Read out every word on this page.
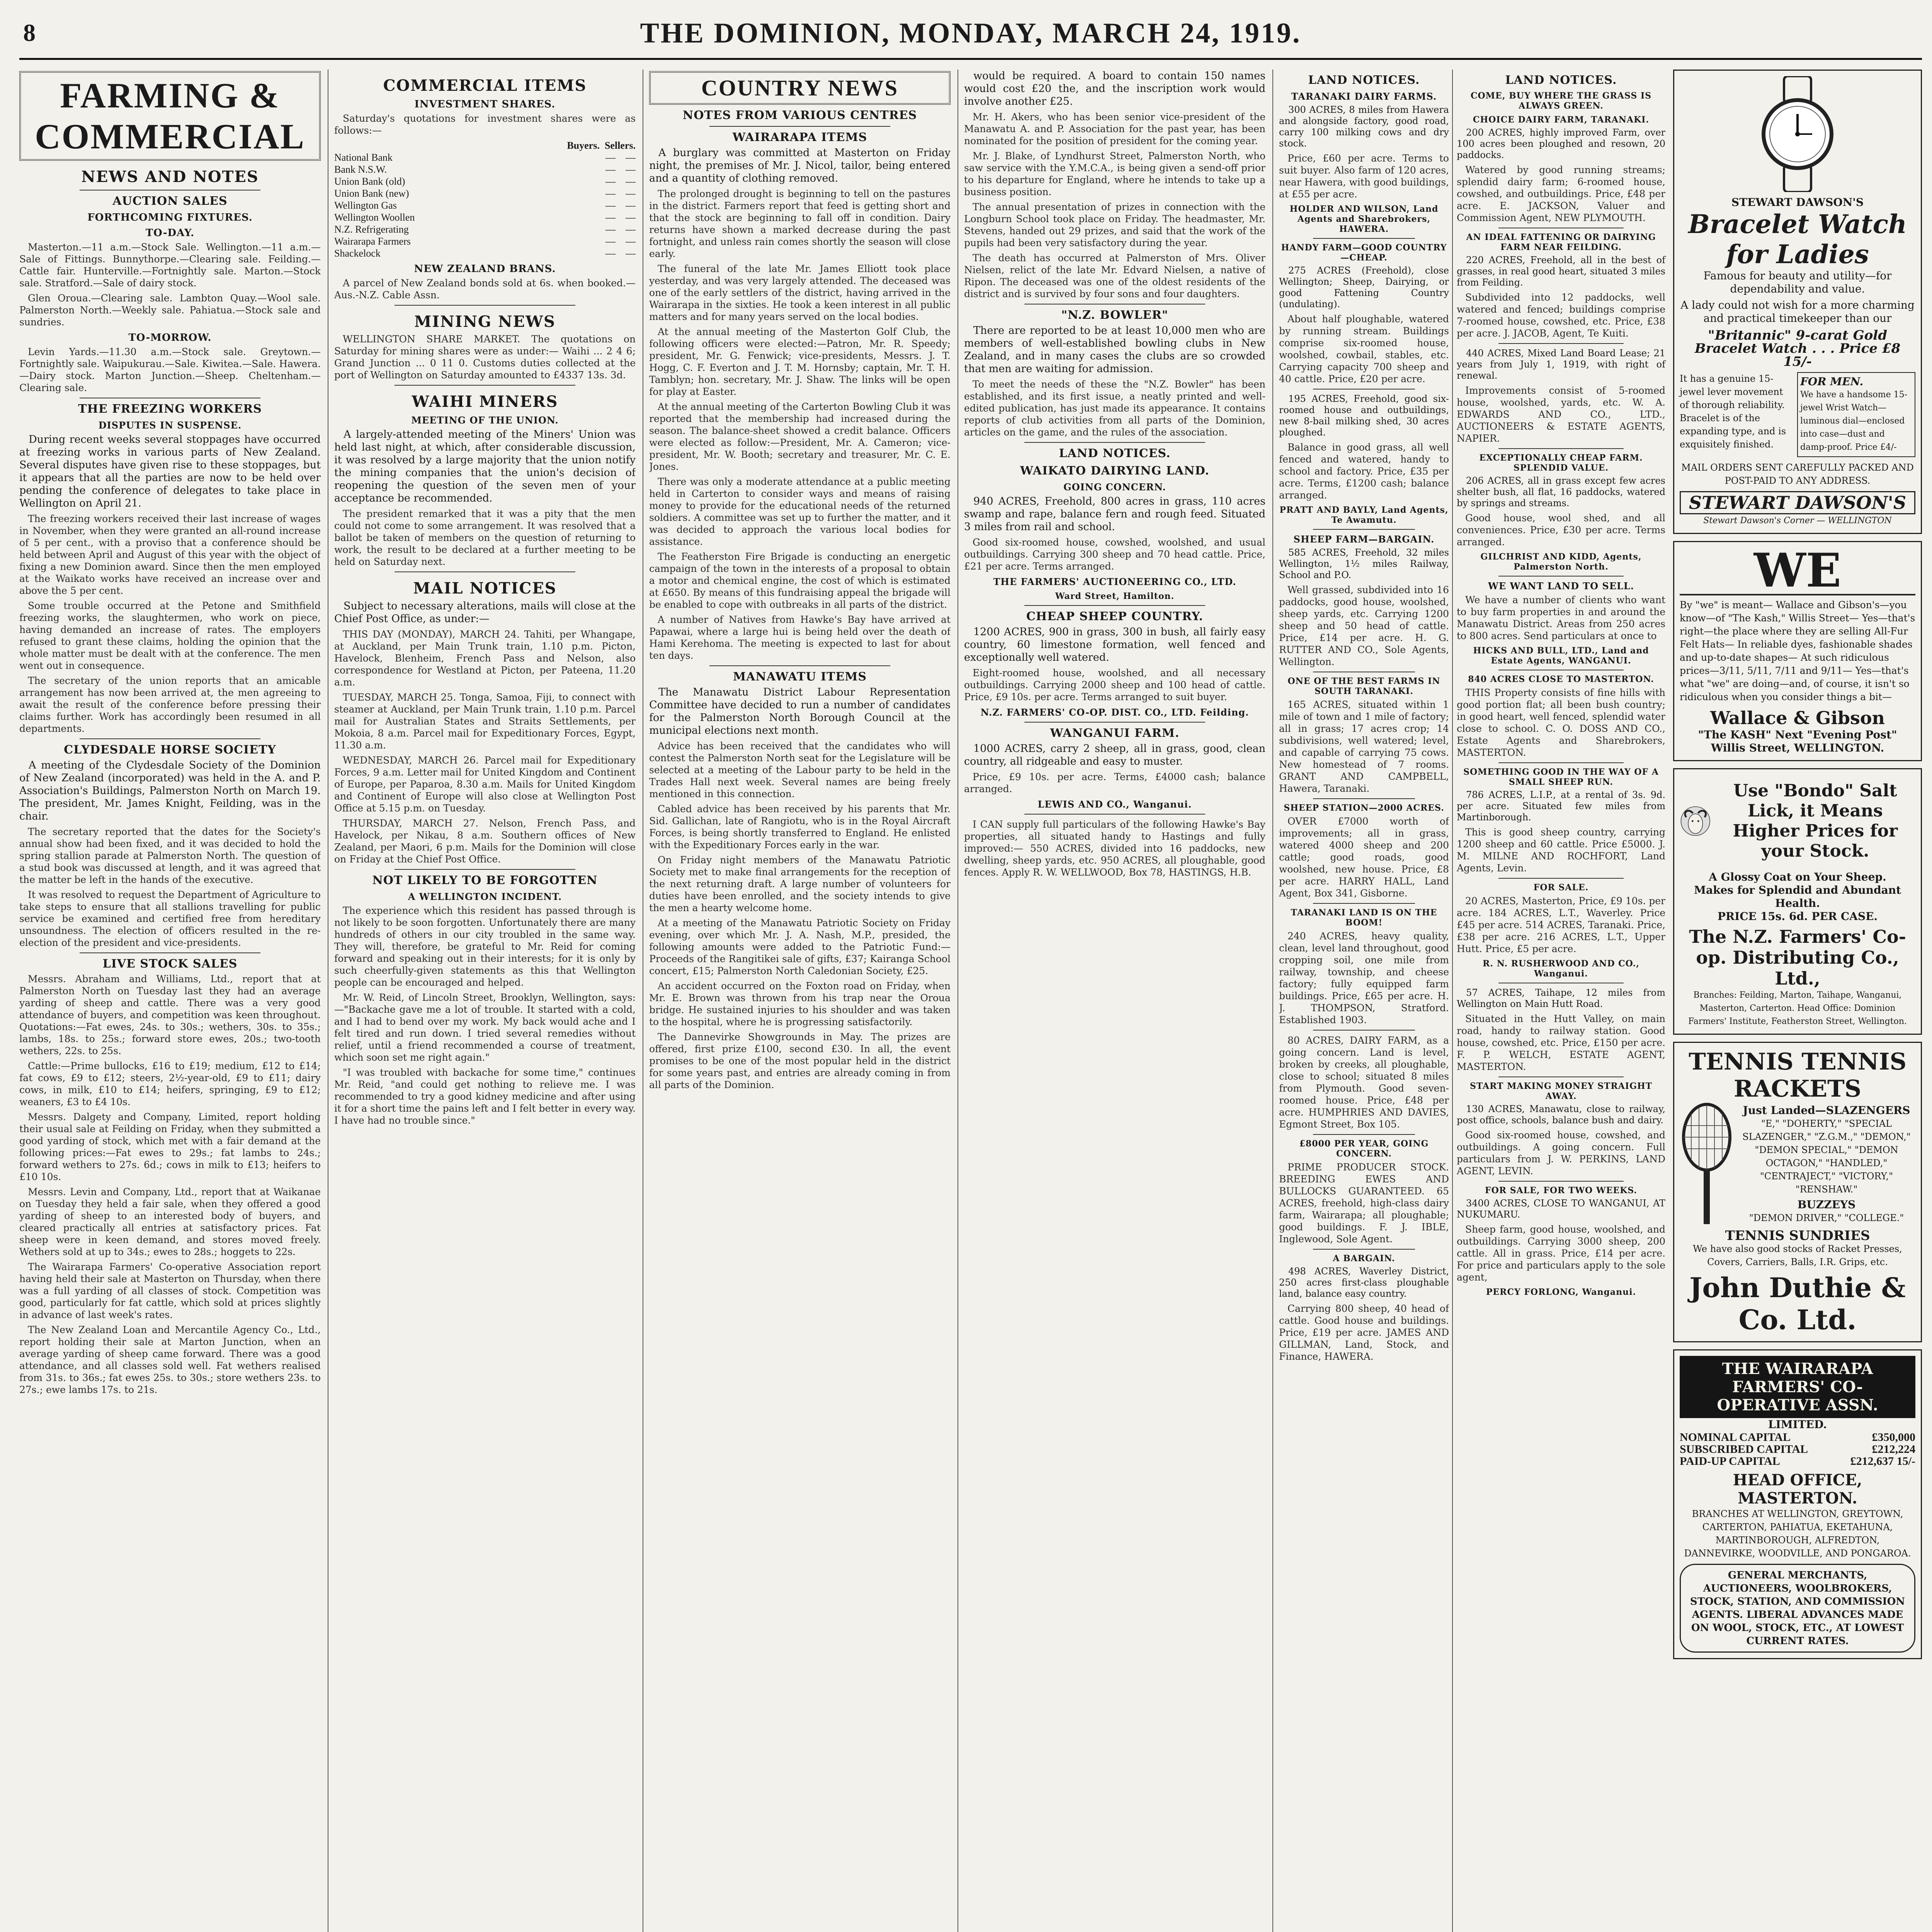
8	THE DOMINION, MONDAY, MARCH 24, 1919.
FARMING & COMMERCIAL
NEWS AND NOTES
AUCTION SALES
FORTHCOMING FIXTURES.
TO-DAY.
Masterton.—11 a.m.—Stock Sale. Wellington.—11 a.m.—Sale of Fittings. Bunnythorpe.—Clearing sale. Feilding.—Cattle fair. Hunterville.—Fortnightly sale. Marton.—Stock sale. Stratford.—Sale of dairy stock.
Glen Oroua.—Clearing sale. Lambton Quay.—Wool sale. Palmerston North.—Weekly sale. Pahiatua.—Stock sale and sundries.
TO-MORROW.
Levin Yards.—11.30 a.m.—Stock sale. Greytown.—Fortnightly sale. Waipukurau.—Sale. Kiwitea.—Sale. Hawera.—Dairy stock. Marton Junction.—Sheep. Cheltenham.—Clearing sale.
THE FREEZING WORKERS
DISPUTES IN SUSPENSE.
During recent weeks several stoppages have occurred at freezing works in various parts of New Zealand. Several disputes have given rise to these stoppages, but it appears that all the parties are now to be held over pending the conference of delegates to take place in Wellington on April 21.
The freezing workers received their last increase of wages in November, when they were granted an all-round increase of 5 per cent., with a proviso that a conference should be held between April and August of this year with the object of fixing a new Dominion award. Since then the men employed at the Waikato works have received an increase over and above the 5 per cent.
Some trouble occurred at the Petone and Smithfield freezing works, the slaughtermen, who work on piece, having demanded an increase of rates. The employers refused to grant these claims, holding the opinion that the whole matter must be dealt with at the conference. The men went out in consequence.
The secretary of the union reports that an amicable arrangement has now been arrived at, the men agreeing to await the result of the conference before pressing their claims further. Work has accordingly been resumed in all departments.
CLYDESDALE HORSE SOCIETY
A meeting of the Clydesdale Society of the Dominion of New Zealand (incorporated) was held in the A. and P. Association's Buildings, Palmerston North on March 19. The president, Mr. James Knight, Feilding, was in the chair.
The secretary reported that the dates for the Society's annual show had been fixed, and it was decided to hold the spring stallion parade at Palmerston North. The question of a stud book was discussed at length, and it was agreed that the matter be left in the hands of the executive.
It was resolved to request the Department of Agriculture to take steps to ensure that all stallions travelling for public service be examined and certified free from hereditary unsoundness. The election of officers resulted in the re-election of the president and vice-presidents.
LIVE STOCK SALES
Messrs. Abraham and Williams, Ltd., report that at Palmerston North on Tuesday last they had an average yarding of sheep and cattle. There was a very good attendance of buyers, and competition was keen throughout. Quotations:—Fat ewes, 24s. to 30s.; wethers, 30s. to 35s.; lambs, 18s. to 25s.; forward store ewes, 20s.; two-tooth wethers, 22s. to 25s.
Cattle:—Prime bullocks, £16 to £19; medium, £12 to £14; fat cows, £9 to £12; steers, 2½-year-old, £9 to £11; dairy cows, in milk, £10 to £14; heifers, springing, £9 to £12; weaners, £3 to £4 10s.
Messrs. Dalgety and Company, Limited, report holding their usual sale at Feilding on Friday, when they submitted a good yarding of stock, which met with a fair demand at the following prices:—Fat ewes to 29s.; fat lambs to 24s.; forward wethers to 27s. 6d.; cows in milk to £13; heifers to £10 10s.
Messrs. Levin and Company, Ltd., report that at Waikanae on Tuesday they held a fair sale, when they offered a good yarding of sheep to an interested body of buyers, and cleared practically all entries at satisfactory prices. Fat sheep were in keen demand, and stores moved freely. Wethers sold at up to 34s.; ewes to 28s.; hoggets to 22s.
The Wairarapa Farmers' Co-operative Association report having held their sale at Masterton on Thursday, when there was a full yarding of all classes of stock. Competition was good, particularly for fat cattle, which sold at prices slightly in advance of last week's rates.
The New Zealand Loan and Mercantile Agency Co., Ltd., report holding their sale at Marton Junction, when an average yarding of sheep came forward. There was a good attendance, and all classes sold well. Fat wethers realised from 31s. to 36s.; fat ewes 25s. to 30s.; store wethers 23s. to 27s.; ewe lambs 17s. to 21s.
COMMERCIAL ITEMS
INVESTMENT SHARES.
Saturday's quotations for investment shares were as follows:—
Buyers. Sellers.
National Bank	— —
Bank N.S.W.	— —
Union Bank (old)	— —
Union Bank (new)	— —
Wellington Gas	— —
Wellington Woollen	— —
N.Z. Refrigerating	— —
Wairarapa Farmers	— —
Shackelock	— —
NEW ZEALAND BRANS.
A parcel of New Zealand bonds sold at 6s. when booked.—Aus.-N.Z. Cable Assn.
MINING NEWS
WELLINGTON SHARE MARKET. The quotations on Saturday for mining shares were as under:— Waihi ... 2 4 6; Grand Junction ... 0 11 0. Customs duties collected at the port of Wellington on Saturday amounted to £4337 13s. 3d.
WAIHI MINERS
MEETING OF THE UNION.
A largely-attended meeting of the Miners' Union was held last night, at which, after considerable discussion, it was resolved by a large majority that the union notify the mining companies that the union's decision of reopening the question of the seven men of your acceptance be recommended.
The president remarked that it was a pity that the men could not come to some arrangement. It was resolved that a ballot be taken of members on the question of returning to work, the result to be declared at a further meeting to be held on Saturday next.
MAIL NOTICES
Subject to necessary alterations, mails will close at the Chief Post Office, as under:—
THIS DAY (MONDAY), MARCH 24. Tahiti, per Whangape, at Auckland, per Main Trunk train, 1.10 p.m. Picton, Havelock, Blenheim, French Pass and Nelson, also correspondence for Westland at Picton, per Pateena, 11.20 a.m.
TUESDAY, MARCH 25. Tonga, Samoa, Fiji, to connect with steamer at Auckland, per Main Trunk train, 1.10 p.m. Parcel mail for Australian States and Straits Settlements, per Mokoia, 8 a.m. Parcel mail for Expeditionary Forces, Egypt, 11.30 a.m.
WEDNESDAY, MARCH 26. Parcel mail for Expeditionary Forces, 9 a.m. Letter mail for United Kingdom and Continent of Europe, per Paparoa, 8.30 a.m. Mails for United Kingdom and Continent of Europe will also close at Wellington Post Office at 5.15 p.m. on Tuesday.
THURSDAY, MARCH 27. Nelson, French Pass, and Havelock, per Nikau, 8 a.m. Southern offices of New Zealand, per Maori, 6 p.m. Mails for the Dominion will close on Friday at the Chief Post Office.
NOT LIKELY TO BE FORGOTTEN
A WELLINGTON INCIDENT.
The experience which this resident has passed through is not likely to be soon forgotten. Unfortunately there are many hundreds of others in our city troubled in the same way. They will, therefore, be grateful to Mr. Reid for coming forward and speaking out in their interests; for it is only by such cheerfully-given statements as this that Wellington people can be encouraged and helped.
Mr. W. Reid, of Lincoln Street, Brooklyn, Wellington, says:—"Backache gave me a lot of trouble. It started with a cold, and I had to bend over my work. My back would ache and I felt tired and run down. I tried several remedies without relief, until a friend recommended a course of treatment, which soon set me right again."
"I was troubled with backache for some time," continues Mr. Reid, "and could get nothing to relieve me. I was recommended to try a good kidney medicine and after using it for a short time the pains left and I felt better in every way. I have had no trouble since."
COUNTRY NEWS
NOTES FROM VARIOUS CENTRES
WAIRARAPA ITEMS
A burglary was committed at Masterton on Friday night, the premises of Mr. J. Nicol, tailor, being entered and a quantity of clothing removed.
The prolonged drought is beginning to tell on the pastures in the district. Farmers report that feed is getting short and that the stock are beginning to fall off in condition. Dairy returns have shown a marked decrease during the past fortnight, and unless rain comes shortly the season will close early.
The funeral of the late Mr. James Elliott took place yesterday, and was very largely attended. The deceased was one of the early settlers of the district, having arrived in the Wairarapa in the sixties. He took a keen interest in all public matters and for many years served on the local bodies.
At the annual meeting of the Masterton Golf Club, the following officers were elected:—Patron, Mr. R. Speedy; president, Mr. G. Fenwick; vice-presidents, Messrs. J. T. Hogg, C. F. Everton and J. T. M. Hornsby; captain, Mr. T. H. Tamblyn; hon. secretary, Mr. J. Shaw. The links will be open for play at Easter.
At the annual meeting of the Carterton Bowling Club it was reported that the membership had increased during the season. The balance-sheet showed a credit balance. Officers were elected as follow:—President, Mr. A. Cameron; vice-president, Mr. W. Booth; secretary and treasurer, Mr. C. E. Jones.
There was only a moderate attendance at a public meeting held in Carterton to consider ways and means of raising money to provide for the educational needs of the returned soldiers. A committee was set up to further the matter, and it was decided to approach the various local bodies for assistance.
The Featherston Fire Brigade is conducting an energetic campaign of the town in the interests of a proposal to obtain a motor and chemical engine, the cost of which is estimated at £650. By means of this fundraising appeal the brigade will be enabled to cope with outbreaks in all parts of the district.
A number of Natives from Hawke's Bay have arrived at Papawai, where a large hui is being held over the death of Hami Kerehoma. The meeting is expected to last for about ten days.
MANAWATU ITEMS
The Manawatu District Labour Representation Committee have decided to run a number of candidates for the Palmerston North Borough Council at the municipal elections next month.
Advice has been received that the candidates who will contest the Palmerston North seat for the Legislature will be selected at a meeting of the Labour party to be held in the Trades Hall next week. Several names are being freely mentioned in this connection.
Cabled advice has been received by his parents that Mr. Sid. Gallichan, late of Rangiotu, who is in the Royal Aircraft Forces, is being shortly transferred to England. He enlisted with the Expeditionary Forces early in the war.
On Friday night members of the Manawatu Patriotic Society met to make final arrangements for the reception of the next returning draft. A large number of volunteers for duties have been enrolled, and the society intends to give the men a hearty welcome home.
At a meeting of the Manawatu Patriotic Society on Friday evening, over which Mr. J. A. Nash, M.P., presided, the following amounts were added to the Patriotic Fund:—Proceeds of the Rangitikei sale of gifts, £37; Kairanga School concert, £15; Palmerston North Caledonian Society, £25.
An accident occurred on the Foxton road on Friday, when Mr. E. Brown was thrown from his trap near the Oroua bridge. He sustained injuries to his shoulder and was taken to the hospital, where he is progressing satisfactorily.
The Dannevirke Showgrounds in May. The prizes are offered, first prize £100, second £30. In all, the event promises to be one of the most popular held in the district for some years past, and entries are already coming in from all parts of the Dominion.
would be required. A board to contain 150 names would cost £20 the, and the inscription work would involve another £25.
Mr. H. Akers, who has been senior vice-president of the Manawatu A. and P. Association for the past year, has been nominated for the position of president for the coming year.
Mr. J. Blake, of Lyndhurst Street, Palmerston North, who saw service with the Y.M.C.A., is being given a send-off prior to his departure for England, where he intends to take up a business position.
The annual presentation of prizes in connection with the Longburn School took place on Friday. The headmaster, Mr. Stevens, handed out 29 prizes, and said that the work of the pupils had been very satisfactory during the year.
The death has occurred at Palmerston of Mrs. Oliver Nielsen, relict of the late Mr. Edvard Nielsen, a native of Ripon. The deceased was one of the oldest residents of the district and is survived by four sons and four daughters.
"N.Z. BOWLER"
There are reported to be at least 10,000 men who are members of well-established bowling clubs in New Zealand, and in many cases the clubs are so crowded that men are waiting for admission.
To meet the needs of these the "N.Z. Bowler" has been established, and its first issue, a neatly printed and well-edited publication, has just made its appearance. It contains reports of club activities from all parts of the Dominion, articles on the game, and the rules of the association.
LAND NOTICES.
WAIKATO DAIRYING LAND.
GOING CONCERN.
940 ACRES, Freehold, 800 acres in grass, 110 acres swamp and rape, balance fern and rough feed. Situated 3 miles from rail and school.
Good six-roomed house, cowshed, woolshed, and usual outbuildings. Carrying 300 sheep and 70 head cattle. Price, £21 per acre. Terms arranged.
THE FARMERS' AUCTIONEERING CO., LTD.
Ward Street, Hamilton.
CHEAP SHEEP COUNTRY.
1200 ACRES, 900 in grass, 300 in bush, all fairly easy country, 60 limestone formation, well fenced and exceptionally well watered.
Eight-roomed house, woolshed, and all necessary outbuildings. Carrying 2000 sheep and 100 head of cattle. Price, £9 10s. per acre. Terms arranged to suit buyer.
N.Z. FARMERS' CO-OP. DIST. CO., LTD. Feilding.
WANGANUI FARM.
1000 ACRES, carry 2 sheep, all in grass, good, clean country, all ridgeable and easy to muster.
Price, £9 10s. per acre. Terms, £4000 cash; balance arranged.
LEWIS AND CO., Wanganui.
I CAN supply full particulars of the following Hawke's Bay properties, all situated handy to Hastings and fully improved:— 550 ACRES, divided into 16 paddocks, new dwelling, sheep yards, etc. 950 ACRES, all ploughable, good fences. Apply R. W. WELLWOOD, Box 78, HASTINGS, H.B.
LAND NOTICES.
TARANAKI DAIRY FARMS.
300 ACRES, 8 miles from Hawera and alongside factory, good road, carry 100 milking cows and dry stock.
Price, £60 per acre. Terms to suit buyer. Also farm of 120 acres, near Hawera, with good buildings, at £55 per acre.
HOLDER AND WILSON, Land Agents and Sharebrokers, HAWERA.
HANDY FARM—GOOD COUNTRY—CHEAP.
275 ACRES (Freehold), close Wellington; Sheep, Dairying, or good Fattening Country (undulating).
About half ploughable, watered by running stream. Buildings comprise six-roomed house, woolshed, cowbail, stables, etc. Carrying capacity 700 sheep and 40 cattle. Price, £20 per acre.
195 ACRES, Freehold, good six-roomed house and outbuildings, new 8-bail milking shed, 30 acres ploughed.
Balance in good grass, all well fenced and watered, handy to school and factory. Price, £35 per acre. Terms, £1200 cash; balance arranged.
PRATT AND BAYLY, Land Agents, Te Awamutu.
SHEEP FARM—BARGAIN.
585 ACRES, Freehold, 32 miles Wellington, 1½ miles Railway, School and P.O.
Well grassed, subdivided into 16 paddocks, good house, woolshed, sheep yards, etc. Carrying 1200 sheep and 50 head of cattle. Price, £14 per acre. H. G. RUTTER AND CO., Sole Agents, Wellington.
ONE OF THE BEST FARMS IN SOUTH TARANAKI.
165 ACRES, situated within 1 mile of town and 1 mile of factory; all in grass; 17 acres crop; 14 subdivisions, well watered; level, and capable of carrying 75 cows. New homestead of 7 rooms. GRANT AND CAMPBELL, Hawera, Taranaki.
SHEEP STATION—2000 ACRES.
OVER £7000 worth of improvements; all in grass, watered 4000 sheep and 200 cattle; good roads, good woolshed, new house. Price, £8 per acre. HARRY HALL, Land Agent, Box 341, Gisborne.
TARANAKI LAND IS ON THE BOOM!
240 ACRES, heavy quality, clean, level land throughout, good cropping soil, one mile from railway, township, and cheese factory; fully equipped farm buildings. Price, £65 per acre. H. J. THOMPSON, Stratford. Established 1903.
80 ACRES, DAIRY FARM, as a going concern. Land is level, broken by creeks, all ploughable, close to school; situated 8 miles from Plymouth. Good seven-roomed house. Price, £48 per acre. HUMPHRIES AND DAVIES, Egmont Street, Box 105.
£8000 PER YEAR, GOING CONCERN.
PRIME PRODUCER STOCK. BREEDING EWES AND BULLOCKS GUARANTEED. 65 ACRES, freehold, high-class dairy farm, Wairarapa; all ploughable; good buildings. F. J. IBLE, Inglewood, Sole Agent.
A BARGAIN.
498 ACRES, Waverley District, 250 acres first-class ploughable land, balance easy country.
Carrying 800 sheep, 40 head of cattle. Good house and buildings. Price, £19 per acre. JAMES AND GILLMAN, Land, Stock, and Finance, HAWERA.
LAND NOTICES.
COME, BUY WHERE THE GRASS IS ALWAYS GREEN.
CHOICE DAIRY FARM, TARANAKI.
200 ACRES, highly improved Farm, over 100 acres been ploughed and resown, 20 paddocks.
Watered by good running streams; splendid dairy farm; 6-roomed house, cowshed, and outbuildings. Price, £48 per acre. E. JACKSON, Valuer and Commission Agent, NEW PLYMOUTH.
AN IDEAL FATTENING OR DAIRYING FARM NEAR FEILDING.
220 ACRES, Freehold, all in the best of grasses, in real good heart, situated 3 miles from Feilding.
Subdivided into 12 paddocks, well watered and fenced; buildings comprise 7-roomed house, cowshed, etc. Price, £38 per acre. J. JACOB, Agent, Te Kuiti.
440 ACRES, Mixed Land Board Lease; 21 years from July 1, 1919, with right of renewal.
Improvements consist of 5-roomed house, woolshed, yards, etc. W. A. EDWARDS AND CO., LTD., AUCTIONEERS & ESTATE AGENTS, NAPIER.
EXCEPTIONALLY CHEAP FARM. SPLENDID VALUE.
206 ACRES, all in grass except few acres shelter bush, all flat, 16 paddocks, watered by springs and streams.
Good house, wool shed, and all conveniences. Price, £30 per acre. Terms arranged.
GILCHRIST AND KIDD, Agents, Palmerston North.
WE WANT LAND TO SELL.
We have a number of clients who want to buy farm properties in and around the Manawatu District. Areas from 250 acres to 800 acres. Send particulars at once to
HICKS AND BULL, LTD., Land and Estate Agents, WANGANUI.
840 ACRES CLOSE TO MASTERTON.
THIS Property consists of fine hills with good portion flat; all been bush country; in good heart, well fenced, splendid water close to school. C. O. DOSS AND CO., Estate Agents and Sharebrokers, MASTERTON.
SOMETHING GOOD IN THE WAY OF A SMALL SHEEP RUN.
786 ACRES, L.I.P., at a rental of 3s. 9d. per acre. Situated few miles from Martinborough.
This is good sheep country, carrying 1200 sheep and 60 cattle. Price £5000. J. M. MILNE AND ROCHFORT, Land Agents, Levin.
FOR SALE.
20 ACRES, Masterton, Price, £9 10s. per acre. 184 ACRES, L.T., Waverley. Price £45 per acre. 514 ACRES, Taranaki. Price, £38 per acre. 216 ACRES, L.T., Upper Hutt. Price, £5 per acre.
R. N. RUSHERWOOD AND CO., Wanganui.
57 ACRES, Taihape, 12 miles from Wellington on Main Hutt Road.
Situated in the Hutt Valley, on main road, handy to railway station. Good house, cowshed, etc. Price, £150 per acre. F. P. WELCH, ESTATE AGENT, MASTERTON.
START MAKING MONEY STRAIGHT AWAY.
130 ACRES, Manawatu, close to railway, post office, schools, balance bush and dairy.
Good six-roomed house, cowshed, and outbuildings. A going concern. Full particulars from J. W. PERKINS, LAND AGENT, LEVIN.
FOR SALE, FOR TWO WEEKS.
3400 ACRES, CLOSE TO WANGANUI, AT NUKUMARU.
Sheep farm, good house, woolshed, and outbuildings. Carrying 3000 sheep, 200 cattle. All in grass. Price, £14 per acre. For price and particulars apply to the sole agent,
PERCY FORLONG, Wanganui.
STEWART DAWSON'S
Bracelet Watch for Ladies
Famous for beauty and utility—for dependability and value.
A lady could not wish for a more charming and practical timekeeper than our
"Britannic" 9-carat Gold Bracelet Watch . . . Price £8 15/-
It has a genuine 15-jewel lever movement of thorough reliability. Bracelet is of the expanding type, and is exquisitely finished.
FOR MEN.
We have a handsome 15-jewel Wrist Watch—luminous dial—enclosed into case—dust and damp-proof. Price £4/-
MAIL ORDERS SENT CAREFULLY PACKED AND POST-PAID TO ANY ADDRESS.
STEWART DAWSON'S
Stewart Dawson's Corner — WELLINGTON
WE
By "we" is meant— Wallace and Gibson's—you know—of "The Kash," Willis Street— Yes—that's right—the place where they are selling All-Fur Felt Hats— In reliable dyes, fashionable shades and up-to-date shapes— At such ridiculous prices—3/11, 5/11, 7/11 and 9/11— Yes—that's what "we" are doing—and, of course, it isn't so ridiculous when you consider things a bit—
Wallace & Gibson
"The KASH" Next "Evening Post" Willis Street, WELLINGTON.
Use "Bondo" Salt Lick, it Means Higher Prices for your Stock.
A Glossy Coat on Your Sheep.
Makes for Splendid and Abundant Health.
PRICE 15s. 6d. PER CASE.
The N.Z. Farmers' Co-op. Distributing Co., Ltd.,
Branches: Feilding, Marton, Taihape, Wanganui, Masterton, Carterton. Head Office: Dominion Farmers' Institute, Featherston Street, Wellington.
TENNIS TENNIS RACKETS
Just Landed—SLAZENGERS
"E," "DOHERTY," "SPECIAL SLAZENGER," "Z.G.M.," "DEMON," "DEMON SPECIAL," "DEMON OCTAGON," "HANDLED," "CENTRAJECT," "VICTORY," "RENSHAW."
BUZZEYS
"DEMON DRIVER," "COLLEGE."
TENNIS SUNDRIES
We have also good stocks of Racket Presses, Covers, Carriers, Balls, I.R. Grips, etc.
John Duthie & Co. Ltd.
THE WAIRARAPA FARMERS' CO-OPERATIVE ASSN.
LIMITED.
NOMINAL CAPITAL	£350,000
SUBSCRIBED CAPITAL	£212,224
PAID-UP CAPITAL	£212,637 15/-
HEAD OFFICE, MASTERTON.
BRANCHES AT WELLINGTON, GREYTOWN, CARTERTON, PAHIATUA, EKETAHUNA, MARTINBOROUGH, ALFREDTON, DANNEVIRKE, WOODVILLE, AND PONGAROA.
GENERAL MERCHANTS, AUCTIONEERS, WOOLBROKERS, STOCK, STATION, AND COMMISSION AGENTS. LIBERAL ADVANCES MADE ON WOOL, STOCK, ETC., AT LOWEST CURRENT RATES.
